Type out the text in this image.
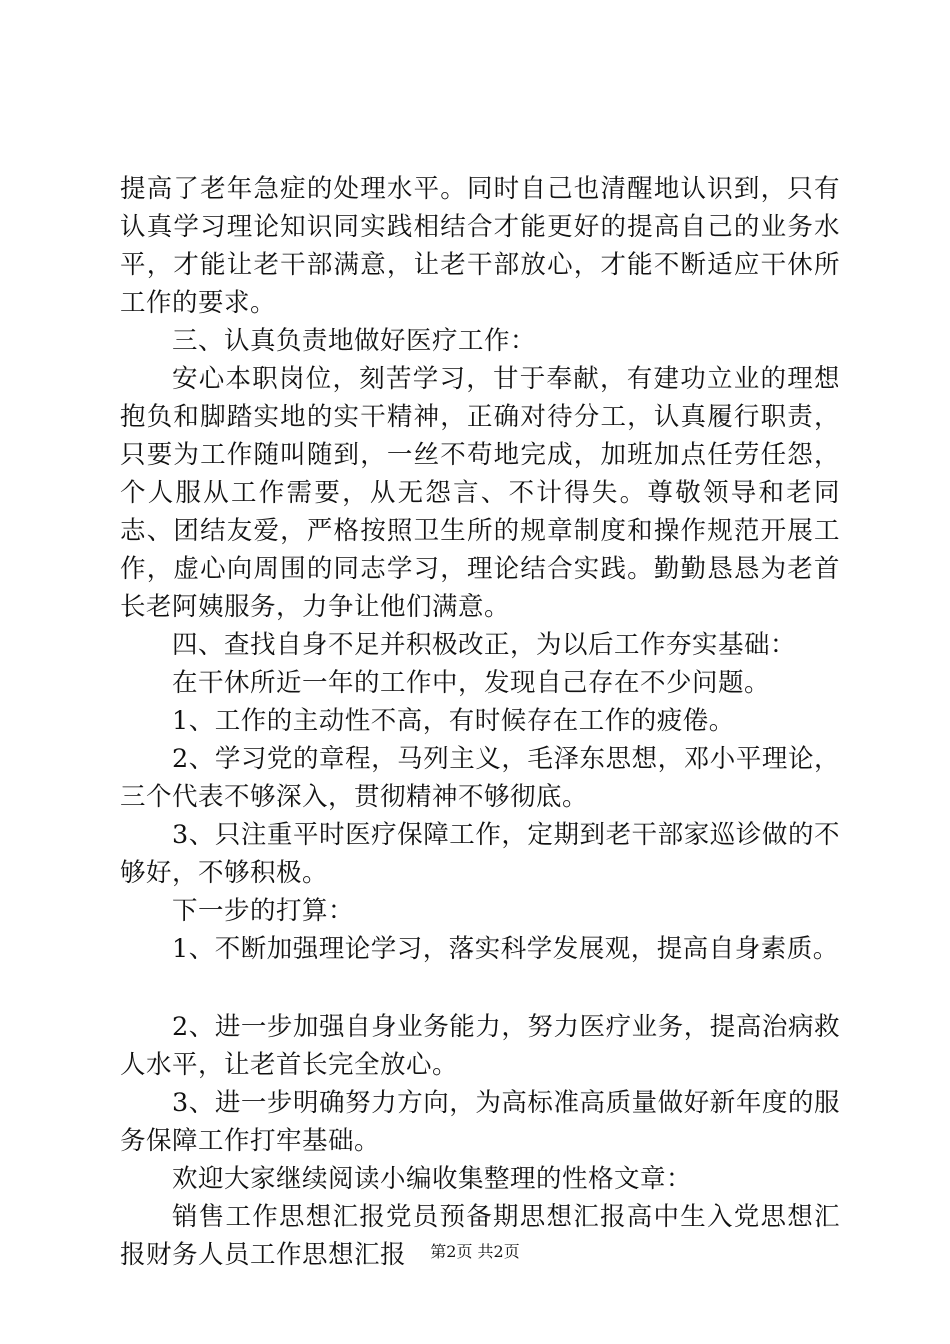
提高了老年急症的处理水平。同时自己也清醒地认识到，只有认真学习理论知识同实践相结合才能更好的提高自己的业务水平，才能让老干部满意，让老干部放心，才能不断适应干休所工作的要求。

三、认真负责地做好医疗工作：

安心本职岗位，刻苦学习，甘于奉献，有建功立业的理想抱负和脚踏实地的实干精神，正确对待分工，认真履行职责，只要为工作随叫随到，一丝不苟地完成，加班加点任劳任怨，个人服从工作需要，从无怨言、不计得失。尊敬领导和老同志、团结友爱，严格按照卫生所的规章制度和操作规范开展工作，虚心向周围的同志学习，理论结合实践。勤勤恳恳为老首长老阿姨服务，力争让他们满意。

四、查找自身不足并积极改正，为以后工作夯实基础：

在干休所近一年的工作中，发现自己存在不少问题。

1、工作的主动性不高，有时候存在工作的疲倦。

2、学习党的章程，马列主义，毛泽东思想，邓小平理论，三个代表不够深入，贯彻精神不够彻底。

3、只注重平时医疗保障工作，定期到老干部家巡诊做的不够好，不够积极。

下一步的打算：

1、不断加强理论学习，落实科学发展观，提高自身素质。

2、进一步加强自身业务能力，努力医疗业务，提高治病救人水平，让老首长完全放心。

3、进一步明确努力方向，为高标准高质量做好新年度的服务保障工作打牢基础。

欢迎大家继续阅读小编收集整理的性格文章：

销售工作思想汇报党员预备期思想汇报高中生入党思想汇报财务人员工作思想汇报	第2页 共2页
